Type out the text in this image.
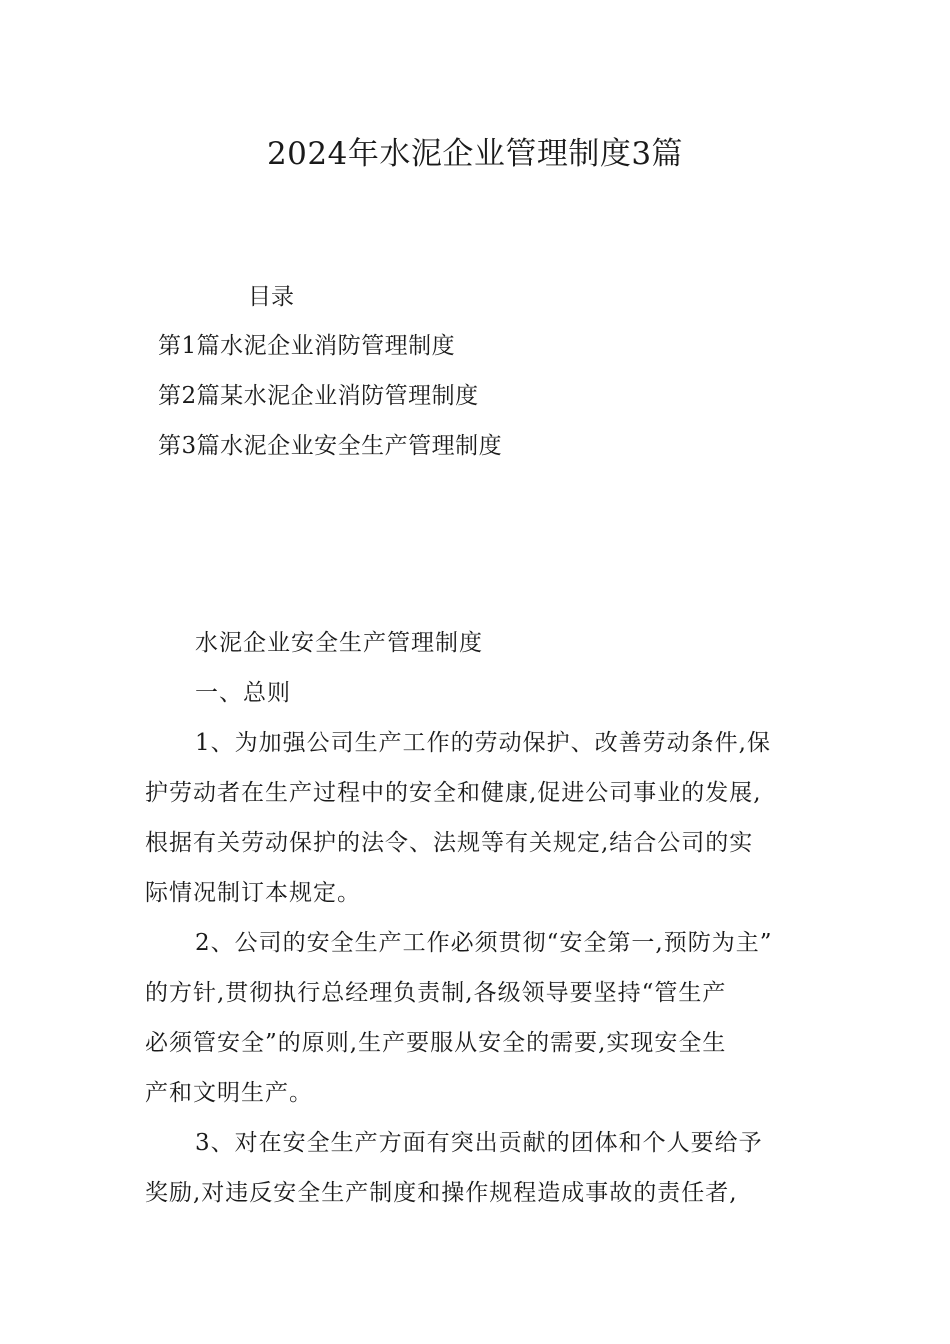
2024年水泥企业管理制度3篇
目录
第1篇水泥企业消防管理制度
第2篇某水泥企业消防管理制度
第3篇水泥企业安全生产管理制度
水泥企业安全生产管理制度
一、总则
1、为加强公司生产工作的劳动保护、改善劳动条件,保
护劳动者在生产过程中的安全和健康,促进公司事业的发展,
根据有关劳动保护的法令、法规等有关规定,结合公司的实
际情况制订本规定。
2、公司的安全生产工作必须贯彻“安全第一,预防为主”
的方针,贯彻执行总经理负责制,各级领导要坚持“管生产
必须管安全”的原则,生产要服从安全的需要,实现安全生
产和文明生产。
3、对在安全生产方面有突出贡献的团体和个人要给予
奖励,对违反安全生产制度和操作规程造成事故的责任者,
